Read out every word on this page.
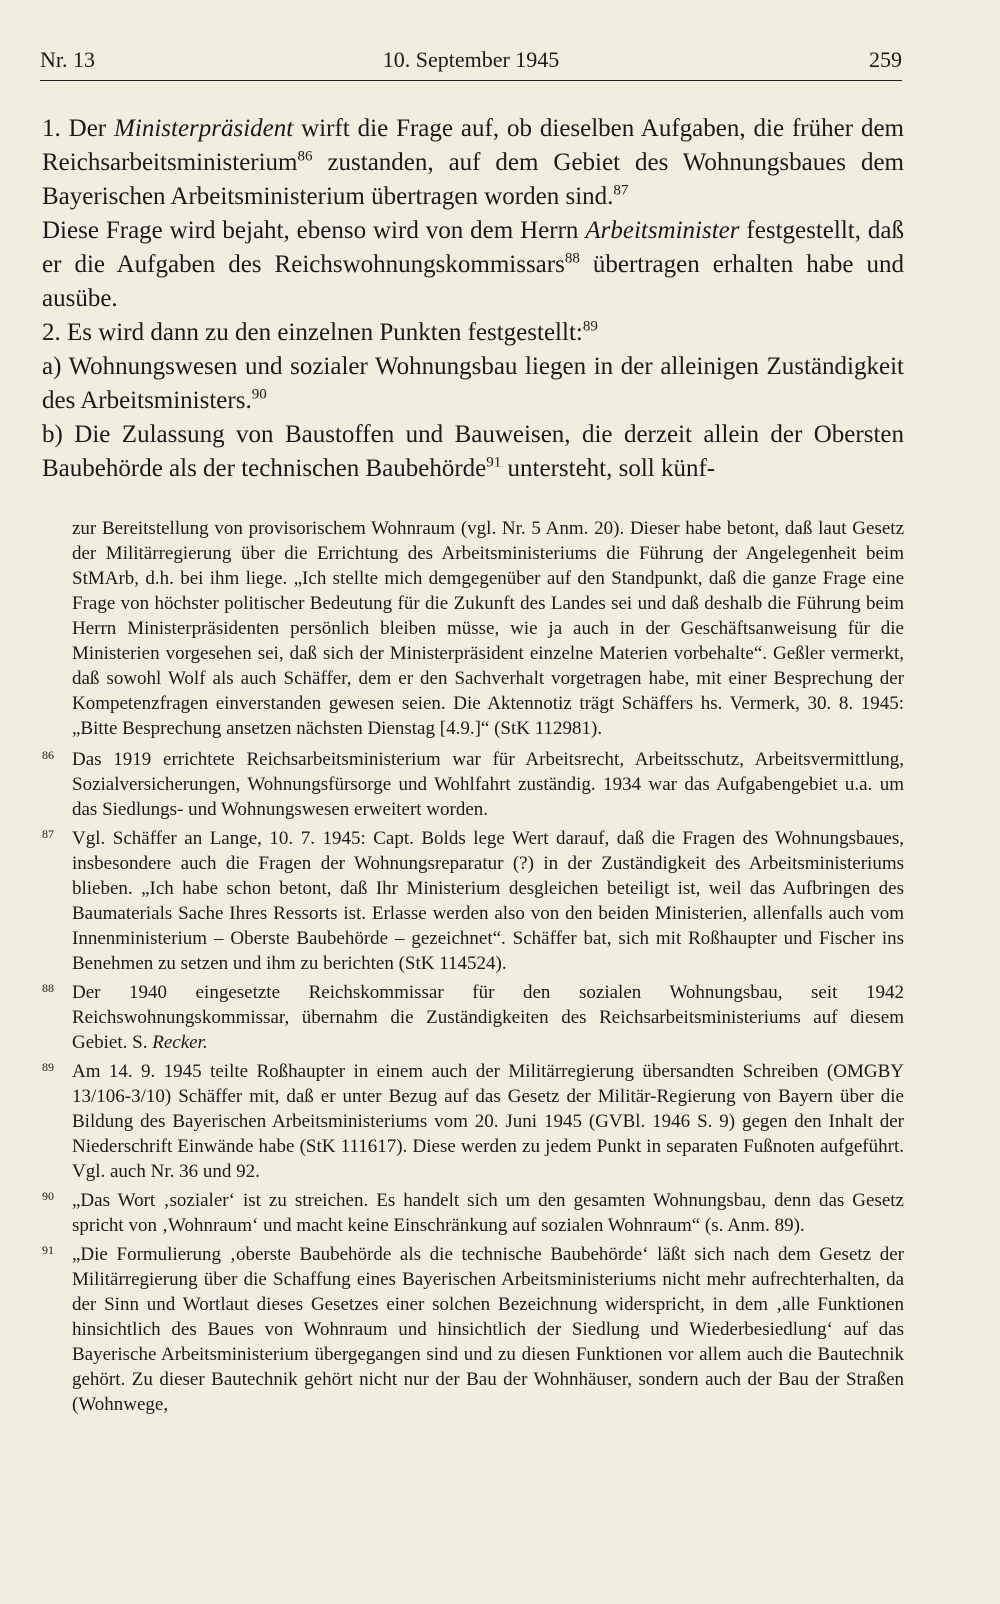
Nr. 13	10. September 1945	259

1. Der Ministerpräsident wirft die Frage auf, ob dieselben Aufgaben, die früher dem Reichsarbeitsministerium$^{86}$ zustanden, auf dem Gebiet des Wohnungsbaues dem Bayerischen Arbeitsministerium übertragen worden sind.$^{87}$

Diese Frage wird bejaht, ebenso wird von dem Herrn Arbeitsminister festgestellt, daß er die Aufgaben des Reichswohnungskommissars$^{88}$ übertragen erhalten habe und ausübe.

2. Es wird dann zu den einzelnen Punkten festgestellt:$^{89}$

a) Wohnungswesen und sozialer Wohnungsbau liegen in der alleinigen Zuständigkeit des Arbeitsministers.$^{90}$

b) Die Zulassung von Baustoffen und Bauweisen, die derzeit allein der Obersten Baubehörde als der technischen Baubehörde$^{91}$ untersteht, soll künf-

zur Bereitstellung von provisorischem Wohnraum (vgl. Nr. 5 Anm. 20). Dieser habe betont, daß laut Gesetz der Militärregierung über die Errichtung des Arbeitsministeriums die Führung der Angelegenheit beim StMArb, d.h. bei ihm liege. „Ich stellte mich demgegenüber auf den Standpunkt, daß die ganze Frage eine Frage von höchster politischer Bedeutung für die Zukunft des Landes sei und daß deshalb die Führung beim Herrn Ministerpräsidenten persönlich bleiben müsse, wie ja auch in der Geschäftsanweisung für die Ministerien vorgesehen sei, daß sich der Ministerpräsident einzelne Materien vorbehalte“. Geßler vermerkt, daß sowohl Wolf als auch Schäffer, dem er den Sachverhalt vorgetragen habe, mit einer Besprechung der Kompetenzfragen einverstanden gewesen seien. Die Aktennotiz trägt Schäffers hs. Vermerk, 30. 8. 1945: „Bitte Besprechung ansetzen nächsten Dienstag [4.9.]“ (StK 112981).
86 Das 1919 errichtete Reichsarbeitsministerium war für Arbeitsrecht, Arbeitsschutz, Arbeitsvermittlung, Sozialversicherungen, Wohnungsfürsorge und Wohlfahrt zuständig. 1934 war das Aufgabengebiet u.a. um das Siedlungs- und Wohnungswesen erweitert worden.
87 Vgl. Schäffer an Lange, 10. 7. 1945: Capt. Bolds lege Wert darauf, daß die Fragen des Wohnungsbaues, insbesondere auch die Fragen der Wohnungsreparatur (?) in der Zuständigkeit des Arbeitsministeriums blieben. „Ich habe schon betont, daß Ihr Ministerium desgleichen beteiligt ist, weil das Aufbringen des Baumaterials Sache Ihres Ressorts ist. Erlasse werden also von den beiden Ministerien, allenfalls auch vom Innenministerium – Oberste Baubehörde – gezeichnet“. Schäffer bat, sich mit Roßhaupter und Fischer ins Benehmen zu setzen und ihm zu berichten (StK 114524).
88 Der 1940 eingesetzte Reichskommissar für den sozialen Wohnungsbau, seit 1942 Reichswohnungskommissar, übernahm die Zuständigkeiten des Reichsarbeitsministeriums auf diesem Gebiet. S. Recker.
89 Am 14. 9. 1945 teilte Roßhaupter in einem auch der Militärregierung übersandten Schreiben (OMGBY 13/106-3/10) Schäffer mit, daß er unter Bezug auf das Gesetz der Militär-Regierung von Bayern über die Bildung des Bayerischen Arbeitsministeriums vom 20. Juni 1945 (GVBl. 1946 S. 9) gegen den Inhalt der Niederschrift Einwände habe (StK 111617). Diese werden zu jedem Punkt in separaten Fußnoten aufgeführt. Vgl. auch Nr. 36 und 92.
90 „Das Wort ‚sozialer‘ ist zu streichen. Es handelt sich um den gesamten Wohnungsbau, denn das Gesetz spricht von ‚Wohnraum‘ und macht keine Einschränkung auf sozialen Wohnraum“ (s. Anm. 89).
91 „Die Formulierung ‚oberste Baubehörde als die technische Baubehörde‘ läßt sich nach dem Gesetz der Militärregierung über die Schaffung eines Bayerischen Arbeitsministeriums nicht mehr aufrechterhalten, da der Sinn und Wortlaut dieses Gesetzes einer solchen Bezeichnung widerspricht, in dem ‚alle Funktionen hinsichtlich des Baues von Wohnraum und hinsichtlich der Siedlung und Wiederbesiedlung‘ auf das Bayerische Arbeitsministerium übergegangen sind und zu diesen Funktionen vor allem auch die Bautechnik gehört. Zu dieser Bautechnik gehört nicht nur der Bau der Wohnhäuser, sondern auch der Bau der Straßen (Wohnwege,
